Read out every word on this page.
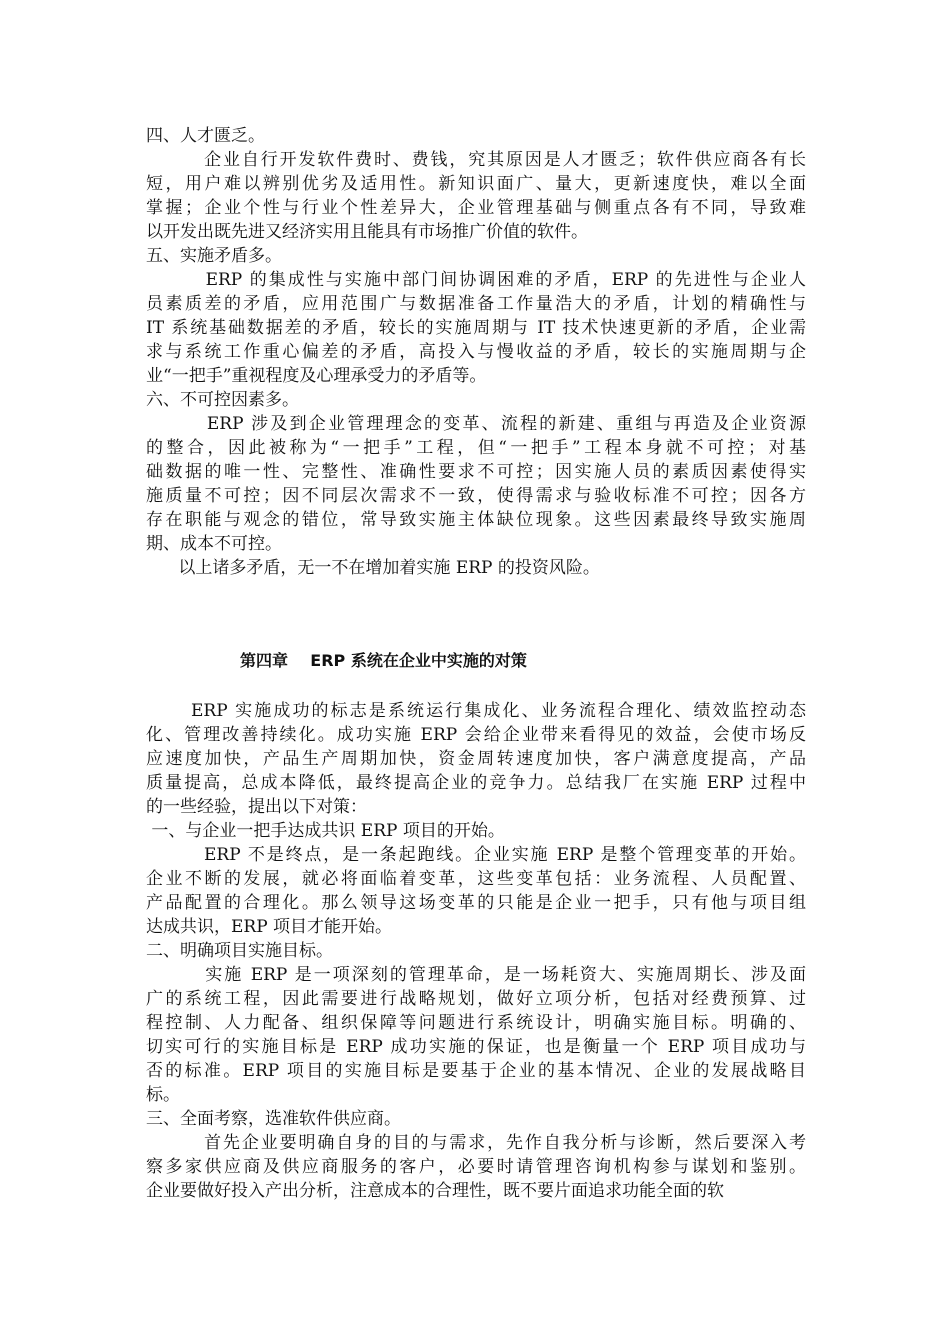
四、人才匮乏。
企业自行开发软件费时、费钱，究其原因是人才匮乏；软件供应商各有长
短，用户难以辨别优劣及适用性。新知识面广、量大，更新速度快，难以全面
掌握；企业个性与行业个性差异大，企业管理基础与侧重点各有不同，导致难
以开发出既先进又经济实用且能具有市场推广价值的软件。
五、实施矛盾多。
ERP 的集成性与实施中部门间协调困难的矛盾，ERP 的先进性与企业人
员素质差的矛盾，应用范围广与数据准备工作量浩大的矛盾，计划的精确性与
IT 系统基础数据差的矛盾，较长的实施周期与 IT 技术快速更新的矛盾，企业需
求与系统工作重心偏差的矛盾，高投入与慢收益的矛盾，较长的实施周期与企
业“一把手”重视程度及心理承受力的矛盾等。
六、不可控因素多。
ERP 涉及到企业管理理念的变革、流程的新建、重组与再造及企业资源
的整合，因此被称为“一把手”工程，但“一把手”工程本身就不可控；对基
础数据的唯一性、完整性、准确性要求不可控；因实施人员的素质因素使得实
施质量不可控；因不同层次需求不一致，使得需求与验收标准不可控；因各方
存在职能与观念的错位，常导致实施主体缺位现象。这些因素最终导致实施周
期、成本不可控。
以上诸多矛盾，无一不在增加着实施 ERP 的投资风险。
第四章    ERP 系统在企业中实施的对策
ERP 实施成功的标志是系统运行集成化、业务流程合理化、绩效监控动态
化、管理改善持续化。成功实施 ERP 会给企业带来看得见的效益，会使市场反
应速度加快，产品生产周期加快，资金周转速度加快，客户满意度提高，产品
质量提高，总成本降低，最终提高企业的竞争力。总结我厂在实施 ERP 过程中
的一些经验，提出以下对策：
一、与企业一把手达成共识 ERP 项目的开始。
ERP 不是终点，是一条起跑线。企业实施 ERP 是整个管理变革的开始。
企业不断的发展，就必将面临着变革，这些变革包括：业务流程、人员配置、
产品配置的合理化。那么领导这场变革的只能是企业一把手，只有他与项目组
达成共识，ERP 项目才能开始。
二、明确项目实施目标。
实施 ERP 是一项深刻的管理革命，是一场耗资大、实施周期长、涉及面
广的系统工程，因此需要进行战略规划，做好立项分析，包括对经费预算、过
程控制、人力配备、组织保障等问题进行系统设计，明确实施目标。明确的、
切实可行的实施目标是 ERP 成功实施的保证，也是衡量一个 ERP 项目成功与
否的标准。ERP 项目的实施目标是要基于企业的基本情况、企业的发展战略目
标。
三、全面考察，选准软件供应商。
首先企业要明确自身的目的与需求，先作自我分析与诊断，然后要深入考
察多家供应商及供应商服务的客户，必要时请管理咨询机构参与谋划和鉴别。
企业要做好投入产出分析，注意成本的合理性，既不要片面追求功能全面的软
